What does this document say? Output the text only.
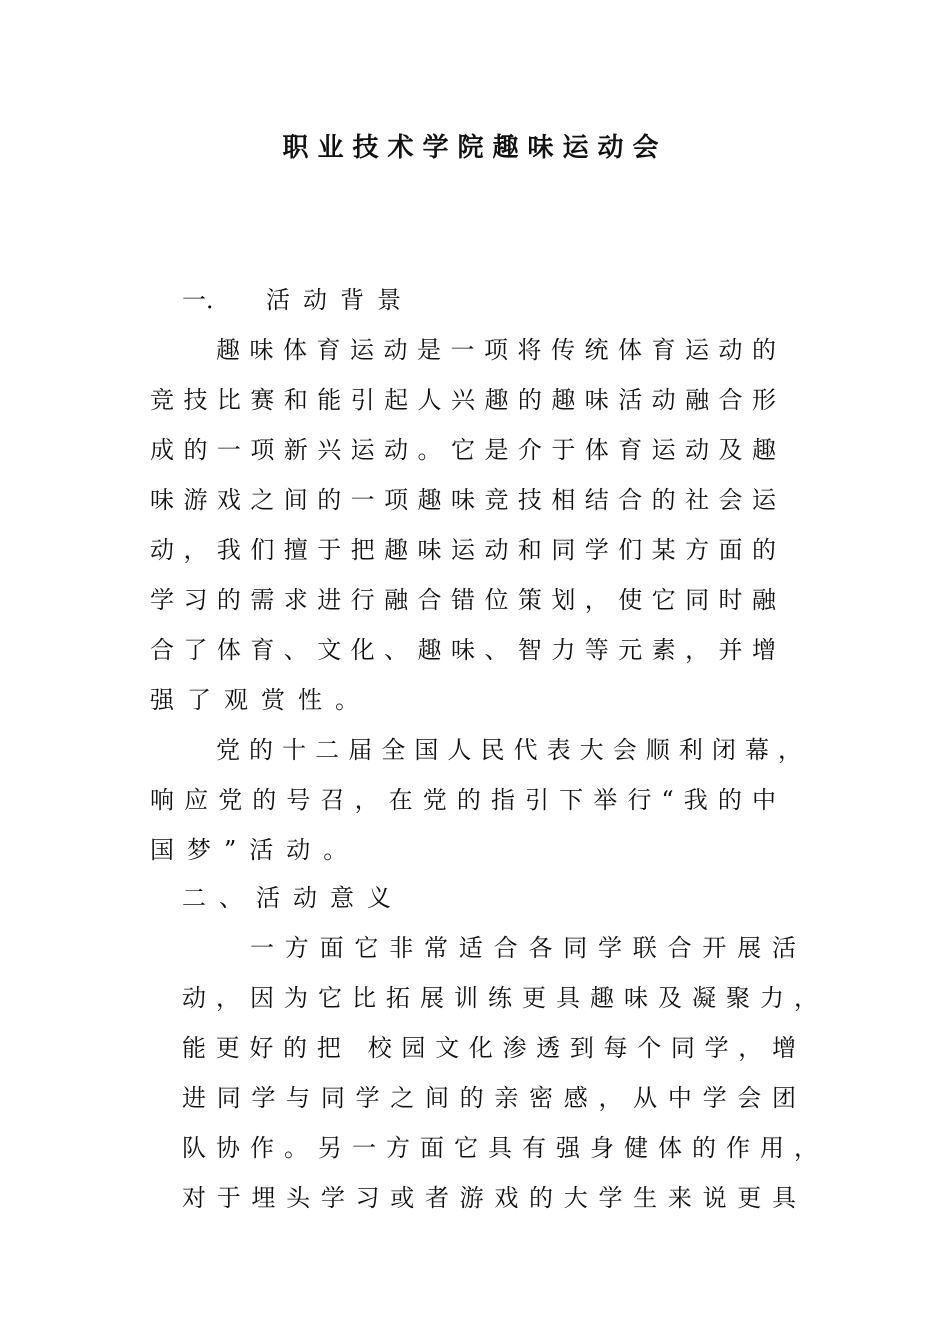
职业技术学院趣味运动会
一． 活动背景
趣味体育运动是一项将传统体育运动的
竞技比赛和能引起人兴趣的趣味活动融合形
成的一项新兴运动。它是介于体育运动及趣
味游戏之间的一项趣味竞技相结合的社会运
动，我们擅于把趣味运动和同学们某方面的
学习的需求进行融合错位策划，使它同时融
合了体育、文化、趣味、智力等元素，并增
强了观赏性。
党的十二届全国人民代表大会顺利闭幕，
响应党的号召，在党的指引下举行“我的中
国梦”活动。
二、活动意义
一方面它非常适合各同学联合开展活
动，因为它比拓展训练更具趣味及凝聚力，
能更好的把 校园文化渗透到每个同学，增
进同学与同学之间的亲密感，从中学会团
队协作。另一方面它具有强身健体的作用，
对于埋头学习或者游戏的大学生来说更具
